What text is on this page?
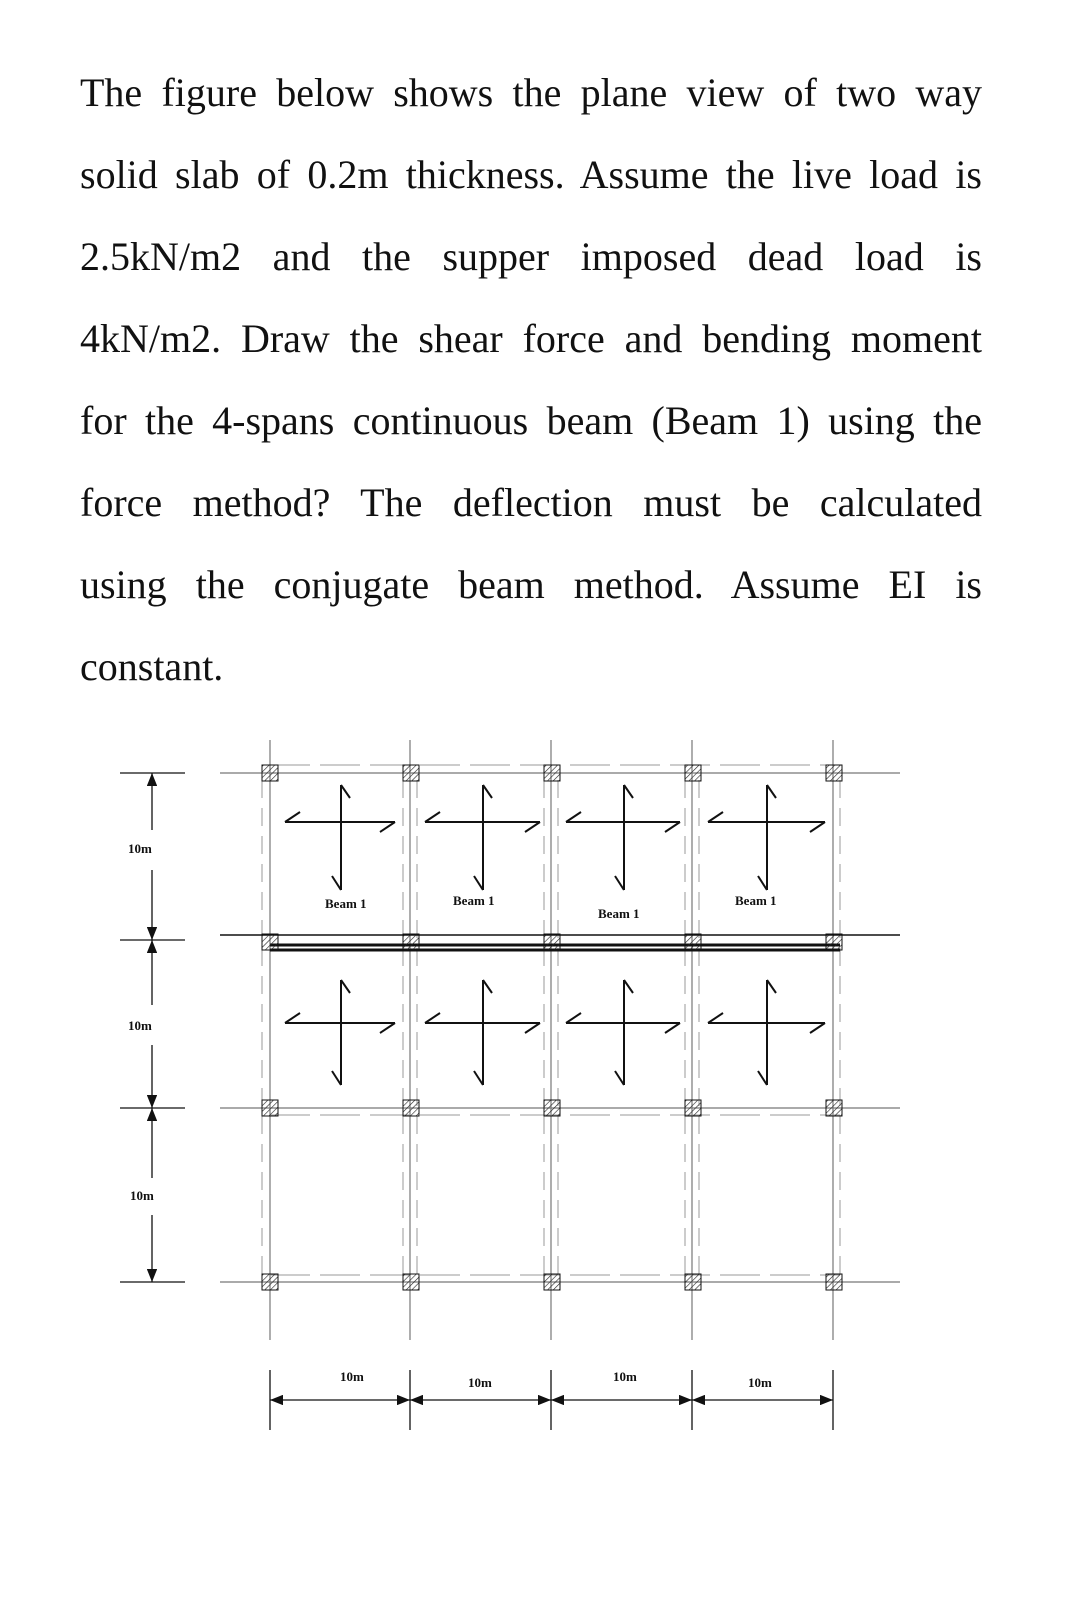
The figure below shows the plane view of two way
solid slab of 0.2m thickness. Assume the live load is
2.5kN/m2 and the supper imposed dead load is
4kN/m2. Draw the shear force and bending moment
for the 4-spans continuous beam (Beam 1) using the
force method? The deflection must be calculated
using the conjugate beam method. Assume EI is
constant.
Beam 1	Beam 1
Beam 1
Beam 1
10m
10m
10m
10m	10m	10m	10m
